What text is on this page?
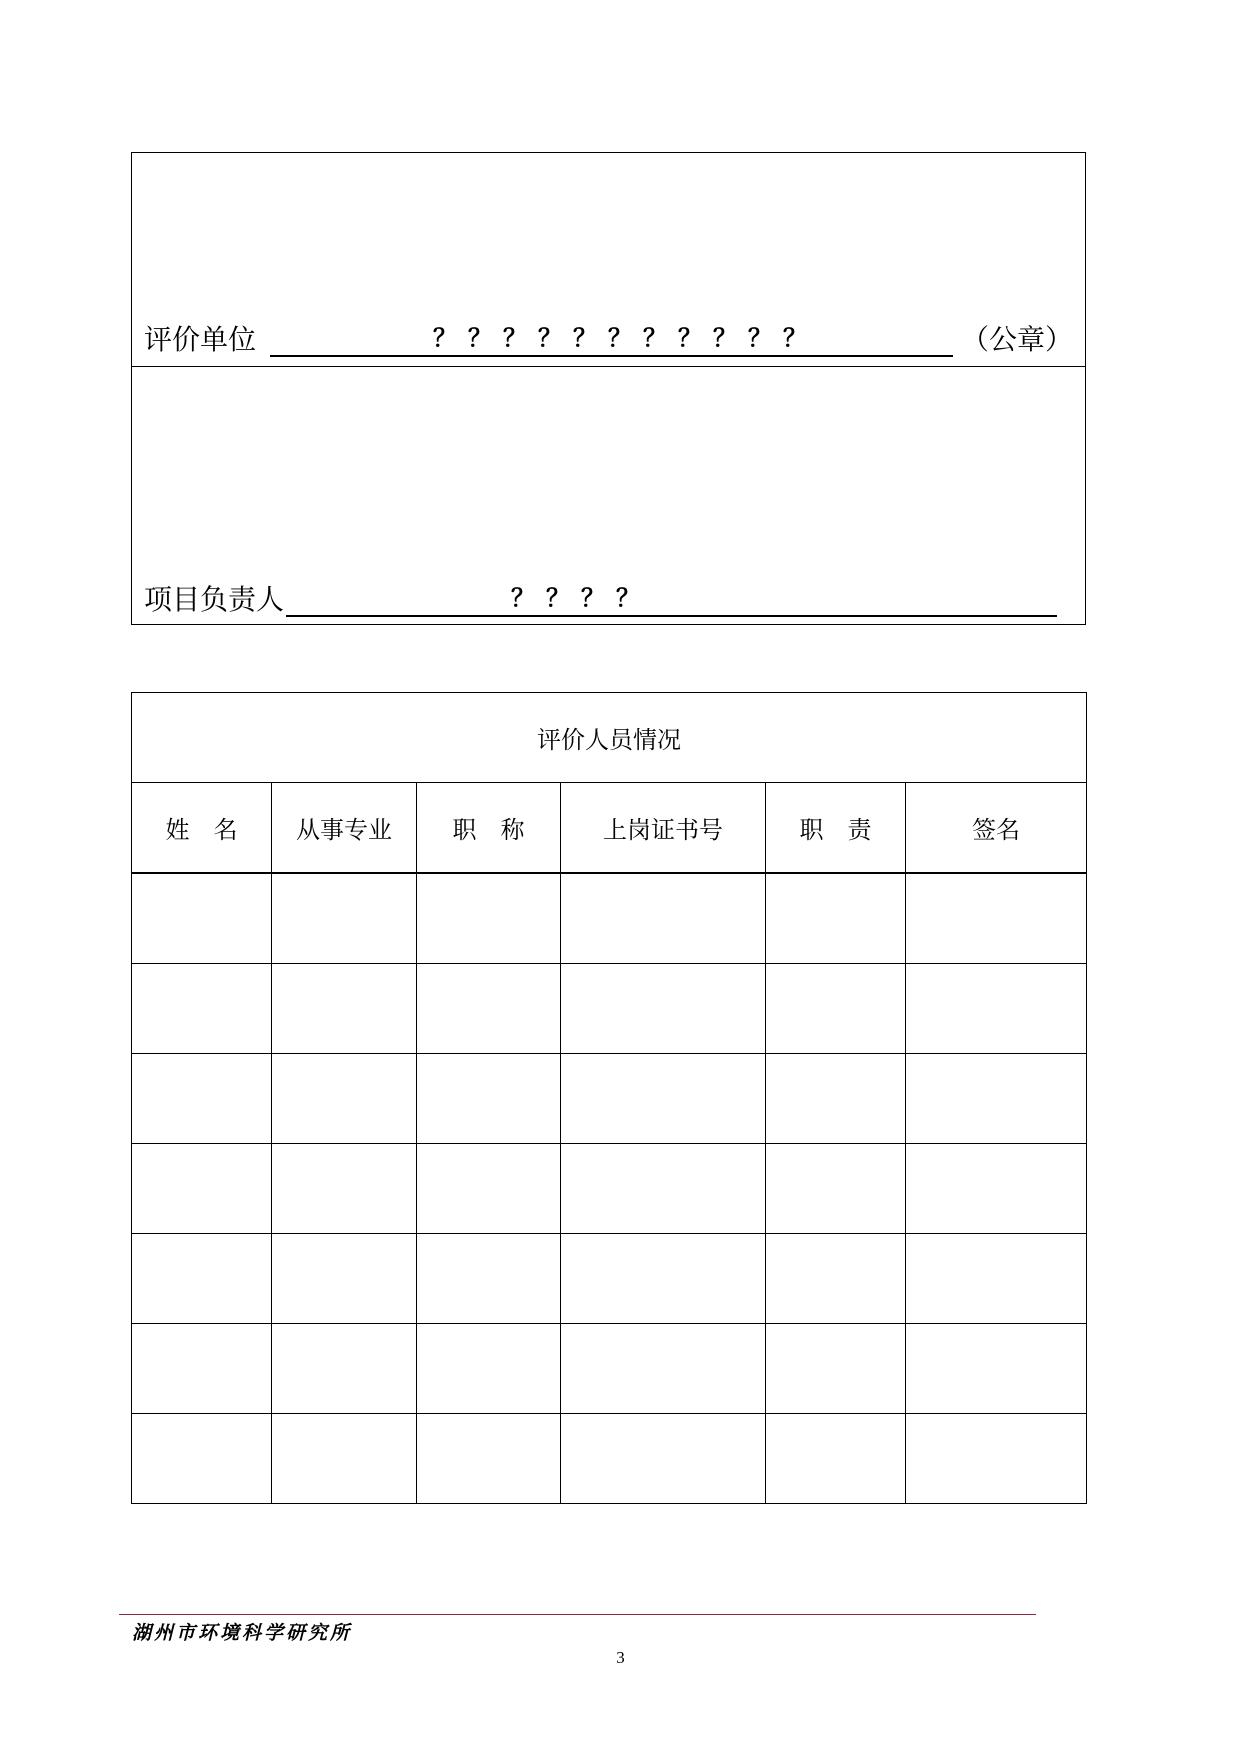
评价单位	？？？？？？？？？？？	（公章）
项目负责人	？？？？
评价人员情况					
姓　名	从事专业	职　称	上岗证书号	职　责	签名

湖州市环境科学研究所
3
